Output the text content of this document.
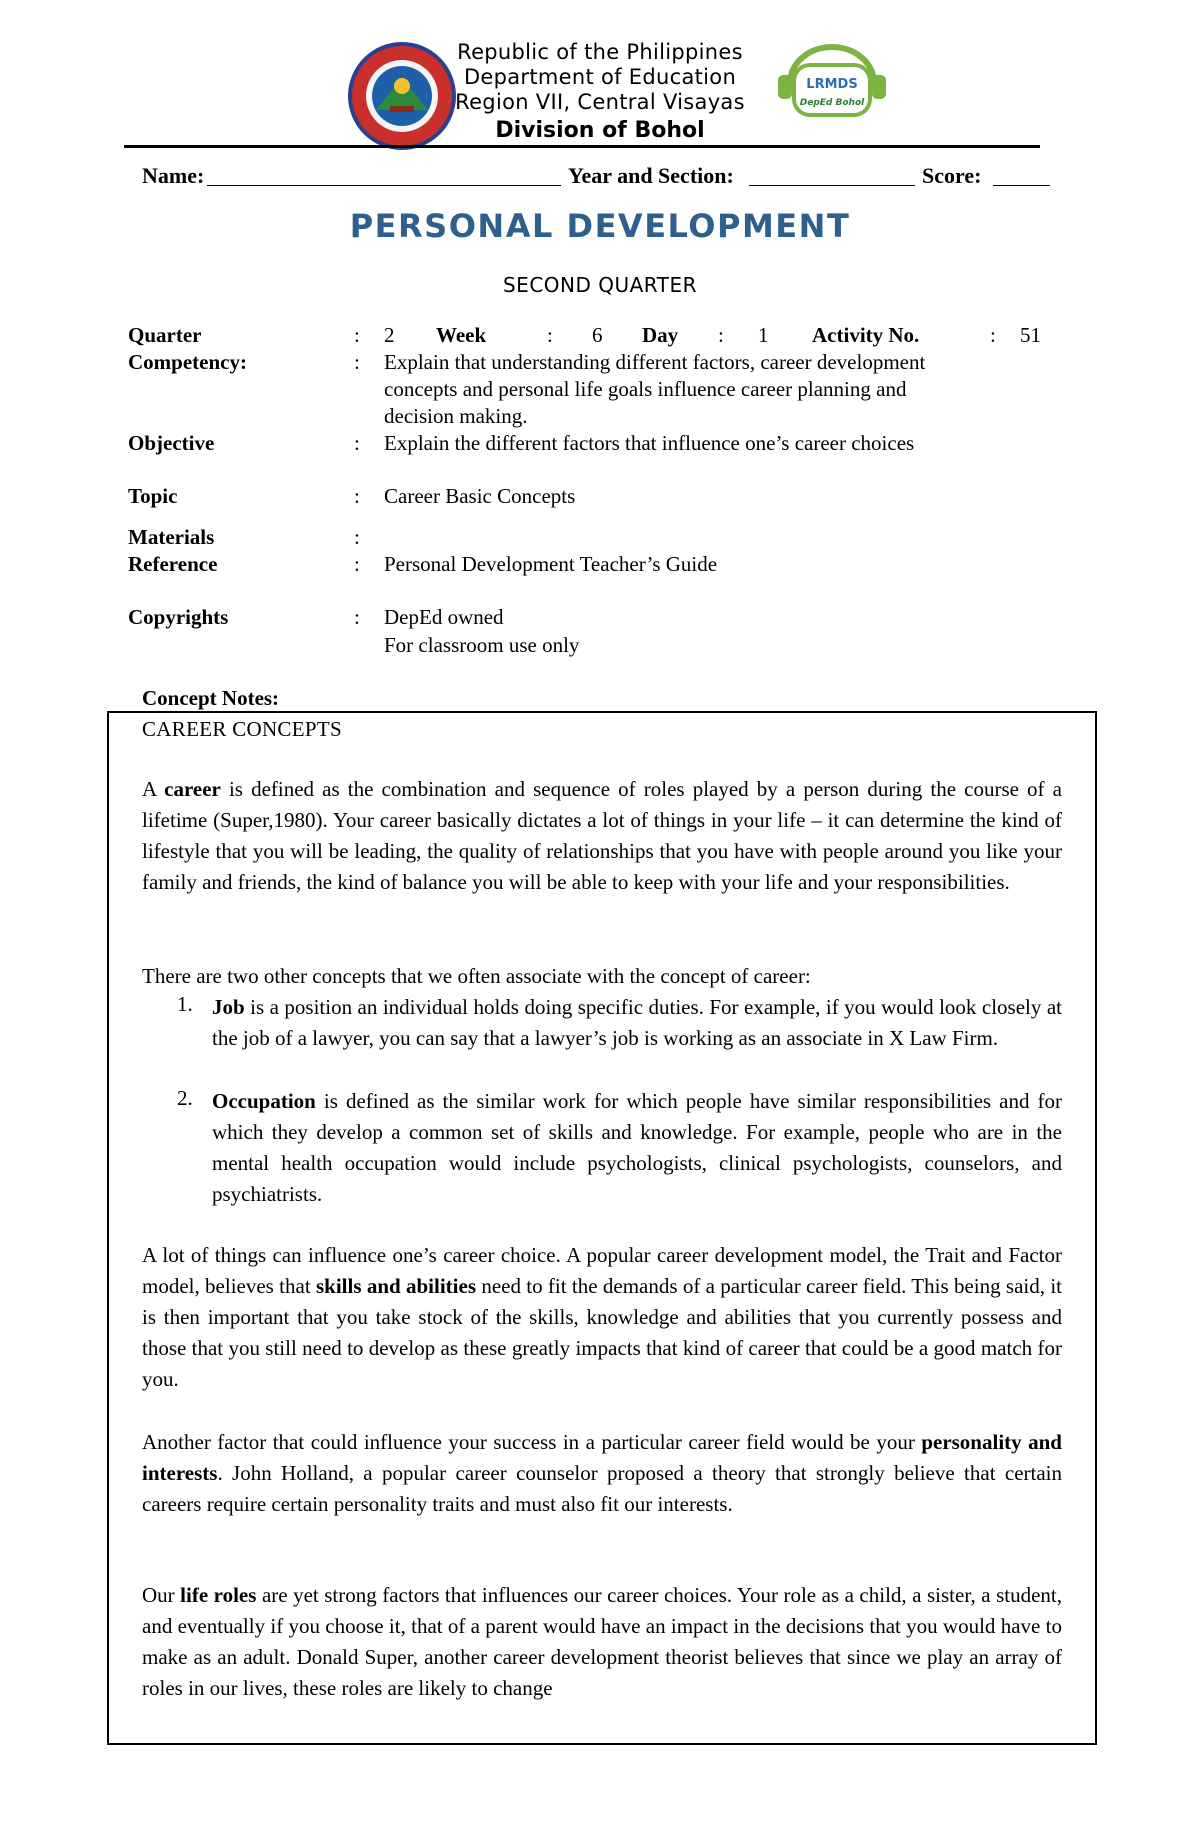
Republic of the Philippines
Department of Education
Region VII, Central Visayas
Division of Bohol
LRMDS
DepEd Bohol
Name:	Year and Section:	Score:
PERSONAL DEVELOPMENT
SECOND QUARTER
Quarter	: 2 Week	: 6 Day : 1 Activity No.	: 51
Competency:	: Explain that understanding different factors, career development
concepts and personal life goals influence career planning and
decision making.
Objective	: Explain the different factors that influence one’s career choices
Topic	: Career Basic Concepts
Materials	:
Reference	: Personal Development Teacher’s Guide
Copyrights	: DepEd owned
For classroom use only
Concept Notes:
CAREER CONCEPTS
A career is defined as the combination and sequence of roles played by a person during the course of a lifetime (Super,1980). Your career basically dictates a lot of things in your life – it can determine the kind of lifestyle that you will be leading, the quality of relationships that you have with people around you like your family and friends, the kind of balance you will be able to keep with your life and your responsibilities.
There are two other concepts that we often associate with the concept of career:
1. Job is a position an individual holds doing specific duties. For example, if you would look closely at the job of a lawyer, you can say that a lawyer’s job is working as an associate in X Law Firm.
2. Occupation is defined as the similar work for which people have similar responsibilities and for which they develop a common set of skills and knowledge. For example, people who are in the mental health occupation would include psychologists, clinical psychologists, counselors, and psychiatrists.
A lot of things can influence one’s career choice. A popular career development model, the Trait and Factor model, believes that skills and abilities need to fit the demands of a particular career field. This being said, it is then important that you take stock of the skills, knowledge and abilities that you currently possess and those that you still need to develop as these greatly impacts that kind of career that could be a good match for you.
Another factor that could influence your success in a particular career field would be your personality and interests. John Holland, a popular career counselor proposed a theory that strongly believe that certain careers require certain personality traits and must also fit our interests.
Our life roles are yet strong factors that influences our career choices. Your role as a child, a sister, a student, and eventually if you choose it, that of a parent would have an impact in the decisions that you would have to make as an adult. Donald Super, another career development theorist believes that since we play an array of roles in our lives, these roles are likely to change
